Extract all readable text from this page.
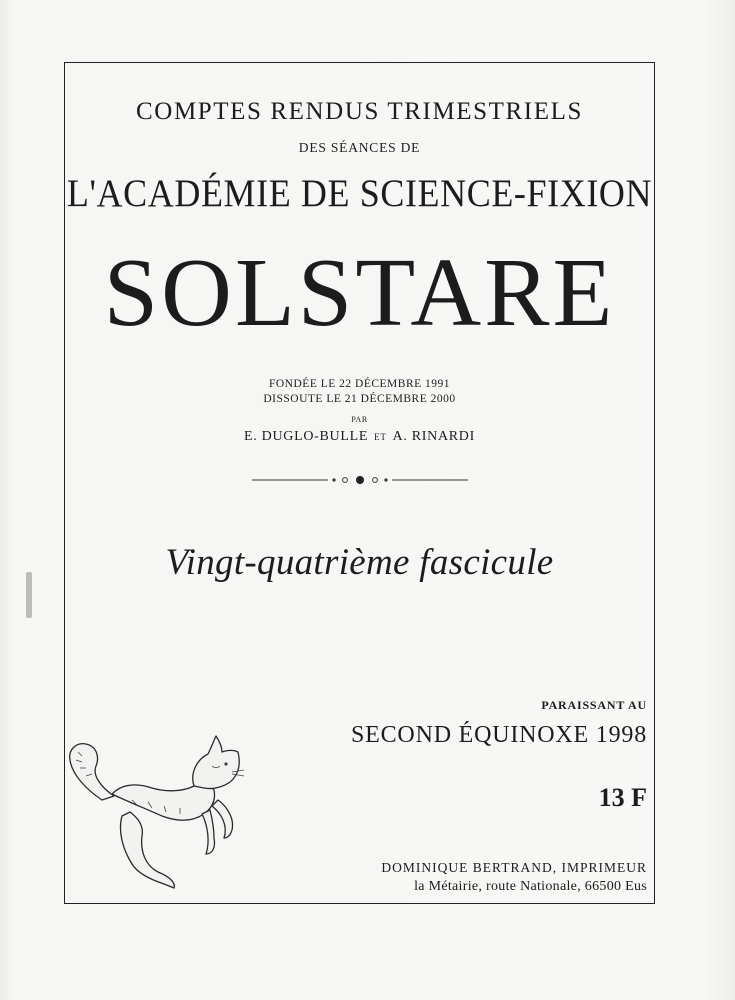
COMPTES RENDUS TRIMESTRIELS
DES SÉANCES DE
L'ACADÉMIE DE SCIENCE-FIXION
SOLSTARE
FONDÉE LE 22 DÉCEMBRE 1991
DISSOUTE LE 21 DÉCEMBRE 2000
PAR
E. DUGLO-BULLE ET A. RINARDI
Vingt-quatrième fascicule
PARAISSANT AU
SECOND ÉQUINOXE 1998
13 F
DOMINIQUE BERTRAND, IMPRIMEUR
la Métairie, route Nationale, 66500 Eus
